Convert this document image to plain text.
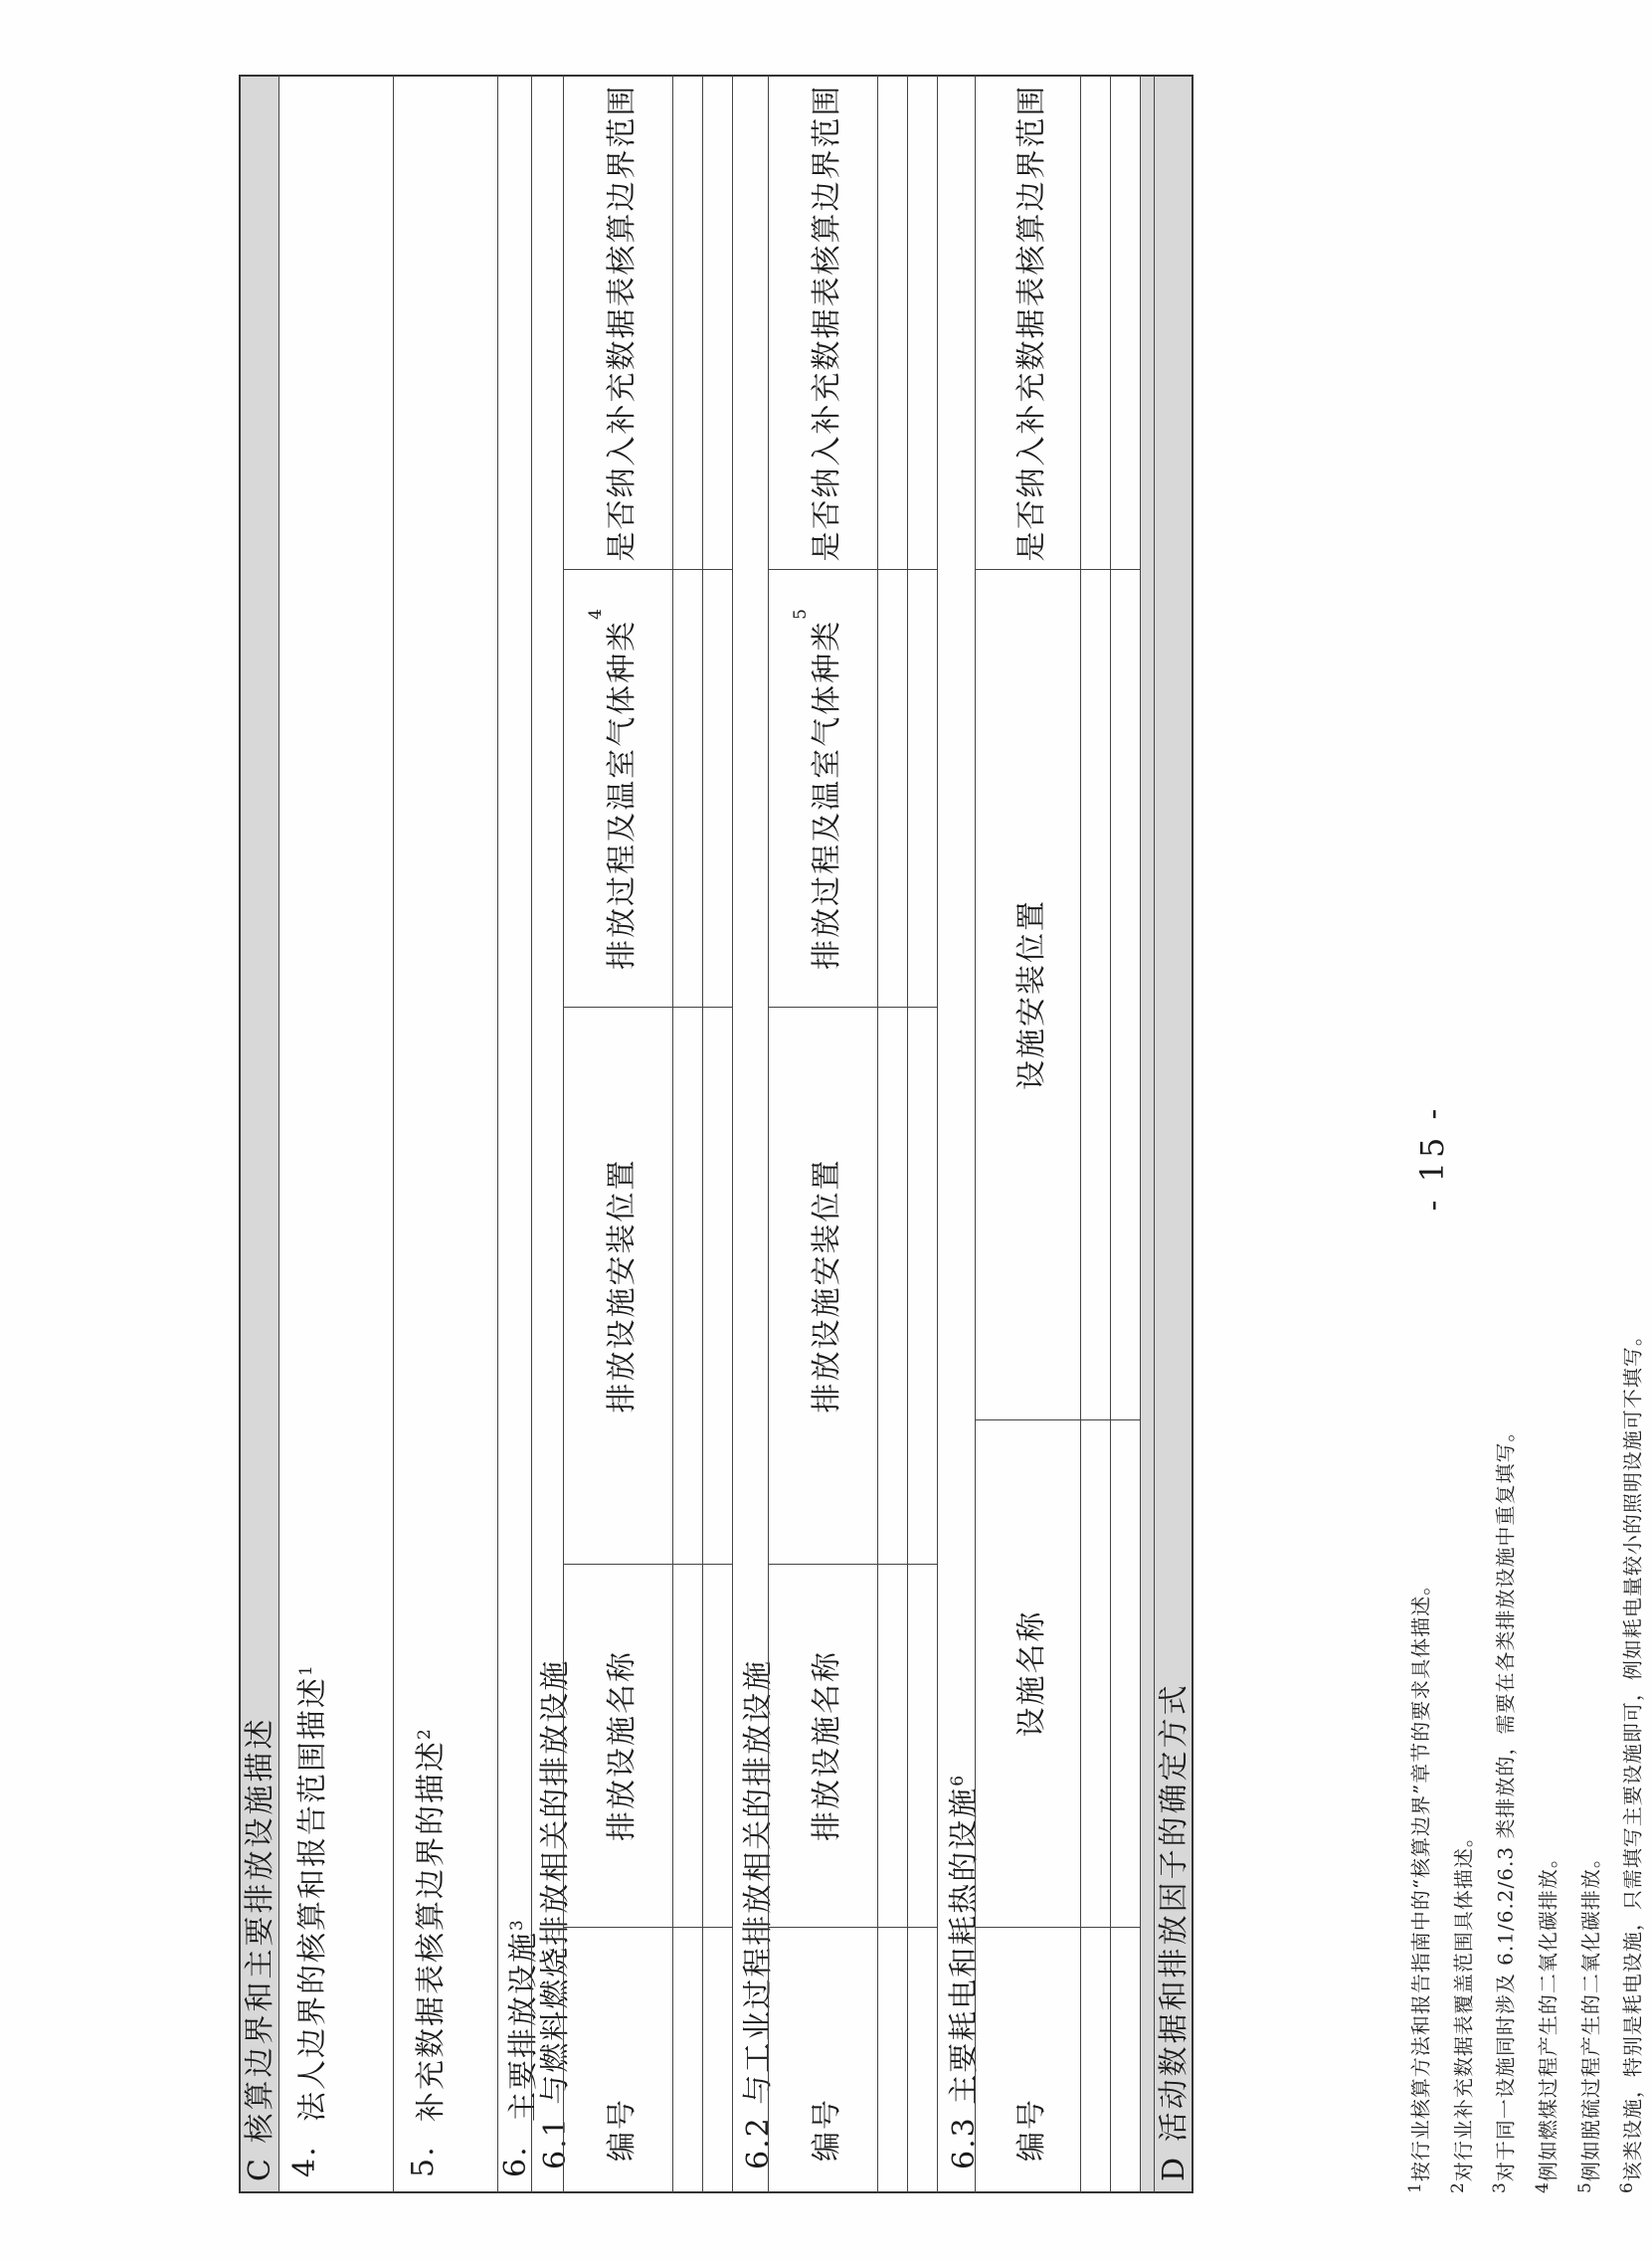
C 核算边界和主要排放设施描述 4.
法人边界的核算和报告范围描述$^1$
5.
补充数据表核算边界的描述$^2$
6.
主要排放设施$^3$ 6.1 与燃料燃烧排放相关的排放设施	编号
排放设施名称
排放设施安装位置
排放过程及温室气体种类
4
是否纳入补充数据表核算边界范围
6.2 与工业过程排放相关的排放设施	编号
排放设施名称
排放设施安装位置
排放过程及温室气体种类
5
是否纳入补充数据表核算边界范围
6.3 主要耗电和耗热的设施$^6$
编号
设施名称
设施安装位置
是否纳入补充数据表核算边界范围
D 活动数据和排放因子的确定方式
$^1$按行业核算方法和报告指南中的“核算边界”章节的要求具体描述。
$^2$对行业补充数据表覆盖范围具体描述。
$^3$对于同一设施同时涉及 6.1/6.2/6.3 类排放的，需要在各类排放设施中重复填写。
$^4$例如燃煤过程产生的二氧化碳排放。
$^5$例如脱硫过程产生的二氧化碳排放。
$^6$该类设施，特别是耗电设施，只需填写主要设施即可，例如耗电量较小的照明设施可不填写。
- 15 -
